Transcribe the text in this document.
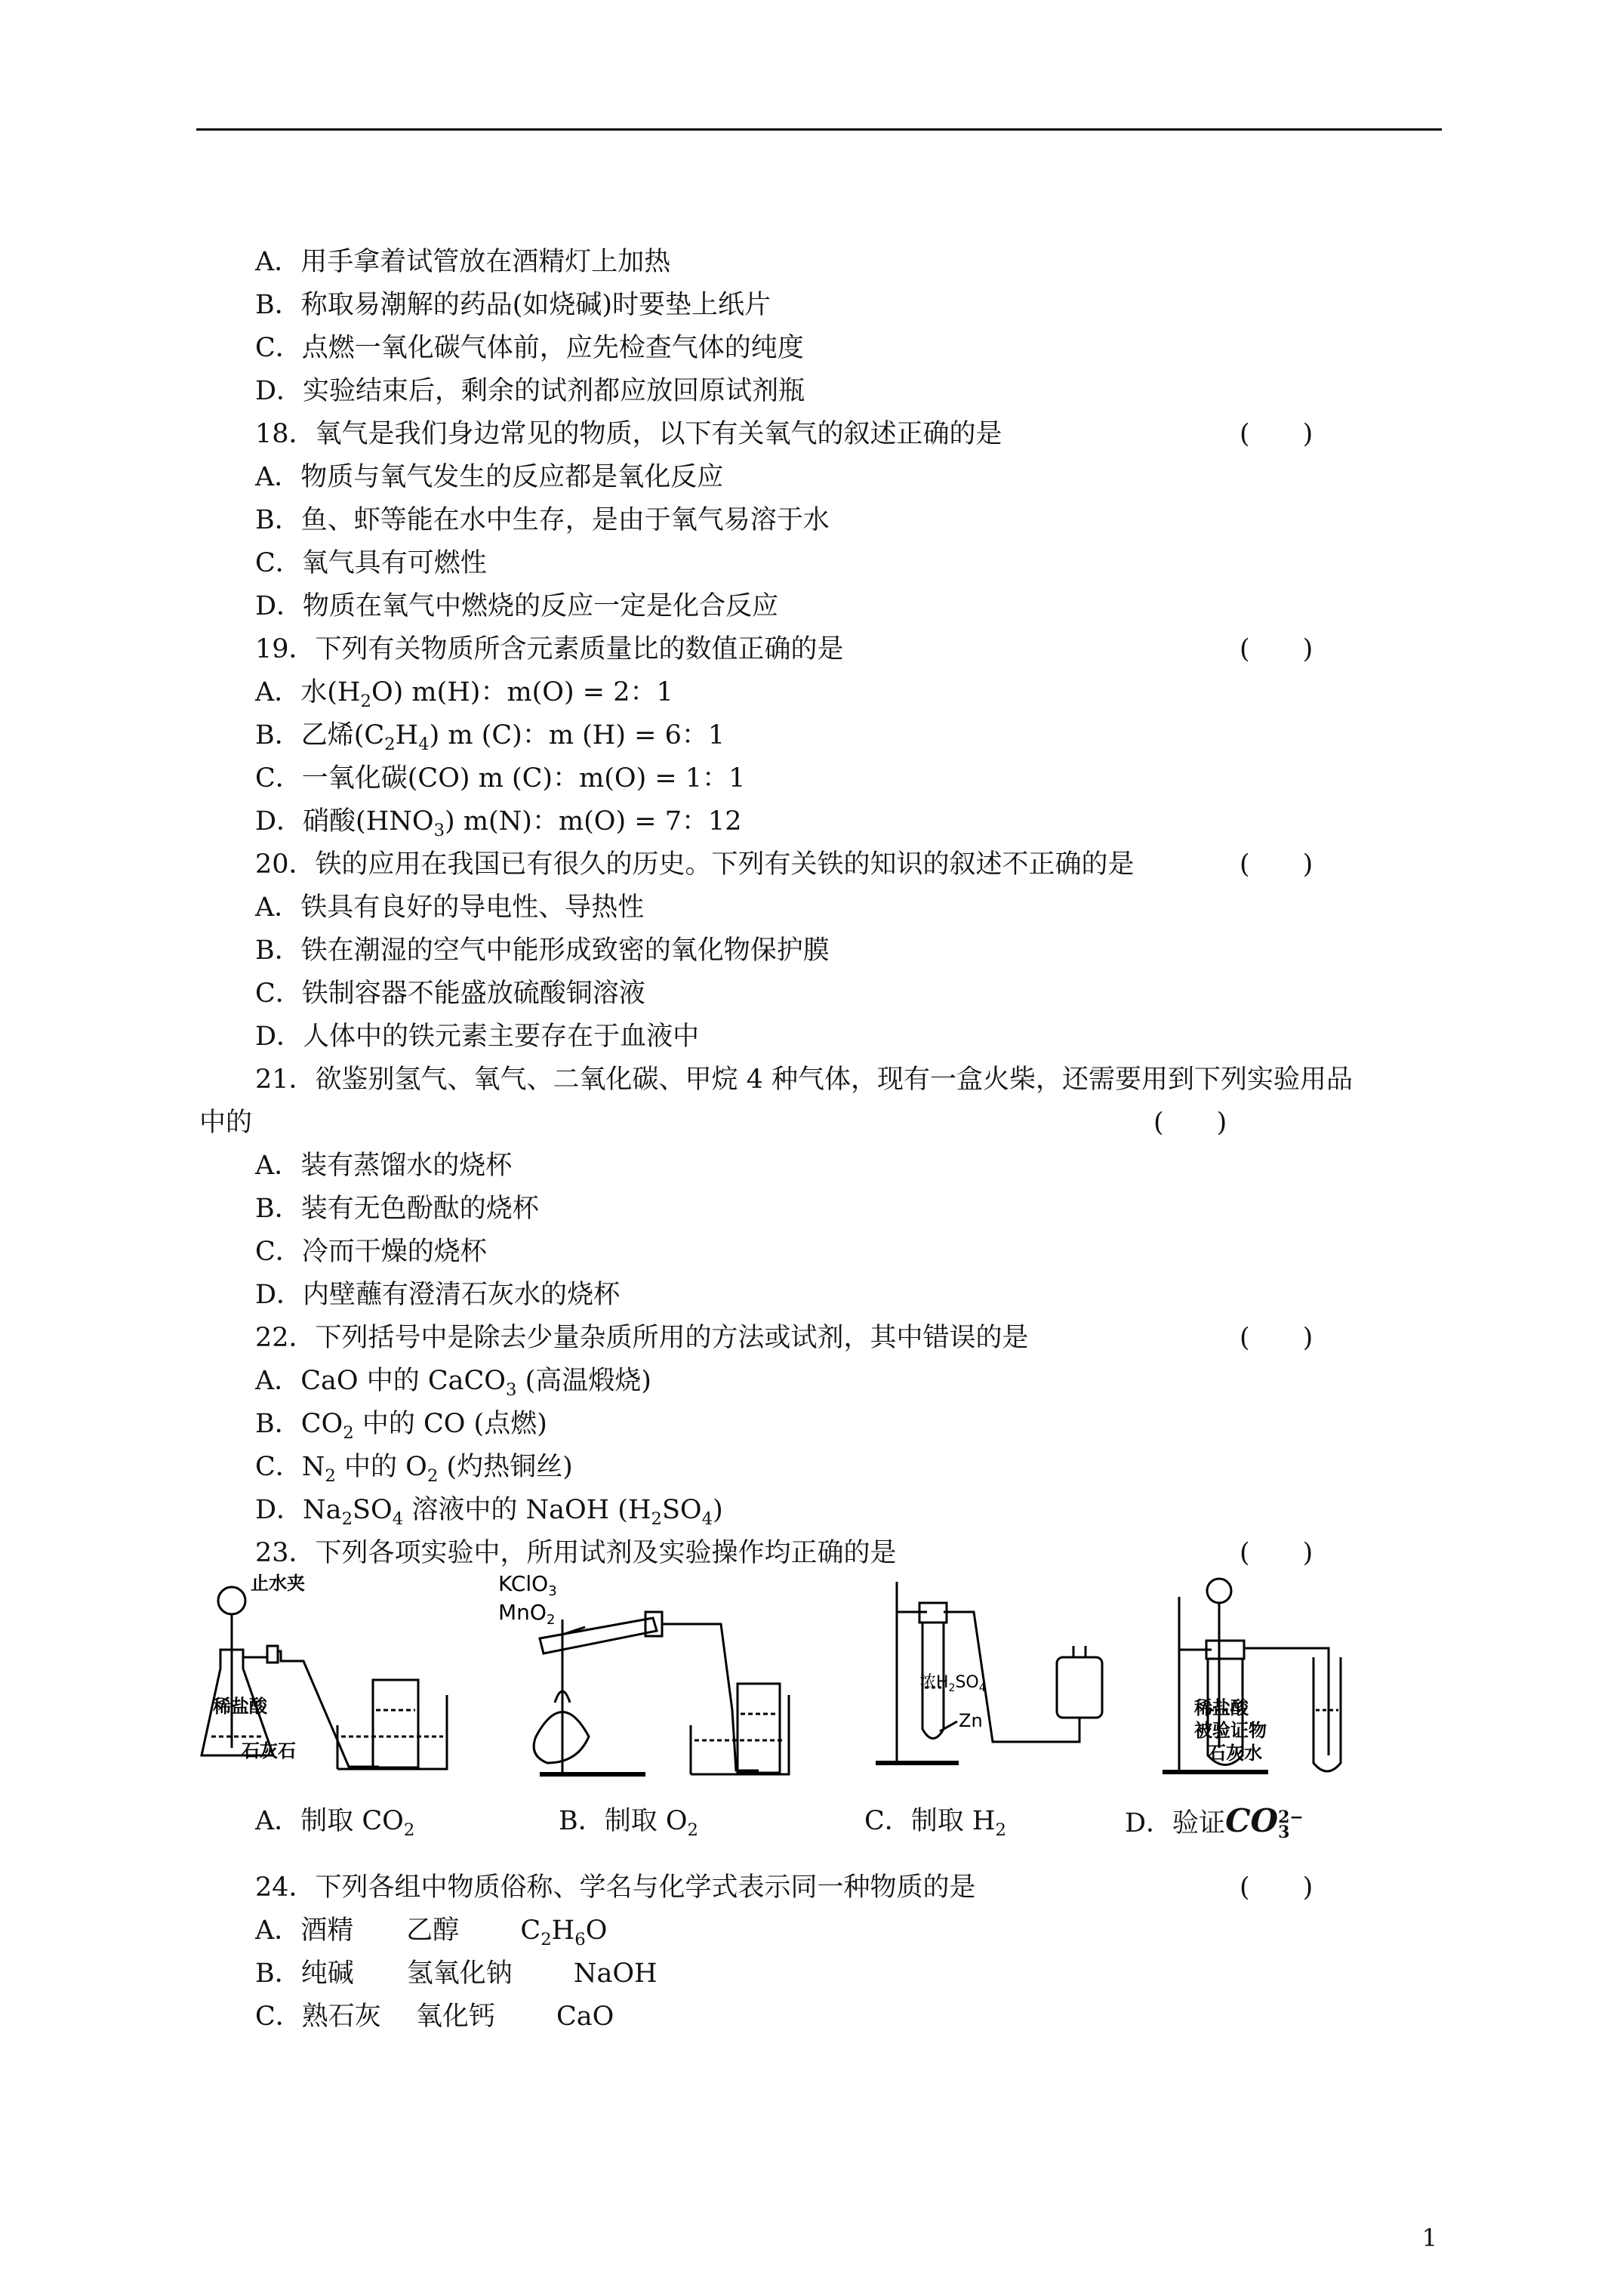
A．用手拿着试管放在酒精灯上加热
B．称取易潮解的药品(如烧碱)时要垫上纸片
C．点燃一氧化碳气体前，应先检查气体的纯度
D．实验结束后，剩余的试剂都应放回原试剂瓶
18．氧气是我们身边常见的物质，以下有关氧气的叙述正确的是	(　　)
A．物质与氧气发生的反应都是氧化反应
B．鱼、虾等能在水中生存，是由于氧气易溶于水
C．氧气具有可燃性
D．物质在氧气中燃烧的反应一定是化合反应
19．下列有关物质所含元素质量比的数值正确的是	(　　)
A．水$(H_2O)$ m(H)：m(O) = 2：1
B．乙烯$(C_2H_4)$ m (C)：m (H) = 6：1
C．一氧化碳(CO) m (C)：m(O) = 1：1
D．硝酸$(HNO_3)$ m(N)：m(O) = 7：12
20．铁的应用在我国已有很久的历史。下列有关铁的知识的叙述不正确的是	(　　)
A．铁具有良好的导电性、导热性
B．铁在潮湿的空气中能形成致密的氧化物保护膜
C．铁制容器不能盛放硫酸铜溶液
D．人体中的铁元素主要存在于血液中
21．欲鉴别氢气、氧气、二氧化碳、甲烷 4 种气体，现有一盒火柴，还需要用到下列实验用品
中的	(　　)
A．装有蒸馏水的烧杯
B．装有无色酚酞的烧杯
C．冷而干燥的烧杯
D．内壁蘸有澄清石灰水的烧杯
22．下列括号中是除去少量杂质所用的方法或试剂，其中错误的是	(　　)
A．CaO 中的 CaCO$_3$ (高温煅烧)
B．$CO_2$ 中的 CO (点燃)
C．$N_2$ 中的 $O_2$ (灼热铜丝)
D．$Na_2SO_4$ 溶液中的 NaOH $(H_2SO_4)$
23．下列各项实验中，所用试剂及实验操作均正确的是	(　　)
止水夹
稀盐酸
石灰石
KClO$_3$
MnO$_2$
浓$H_2SO_4$
Zn
稀盐酸
被验证物
石灰水
A．制取 $CO_2$	B．制取 $O_2$	C．制取 $H_2$	D．验证CO 2−
3
24．下列各组中物质俗称、学名与化学式表示同一种物质的是	(　　)
A．酒精　　乙醇　　 $C_2H_6O$
B．纯碱　　氢氧化钠　　 NaOH
C．熟石灰　 氧化钙　　 CaO
1
